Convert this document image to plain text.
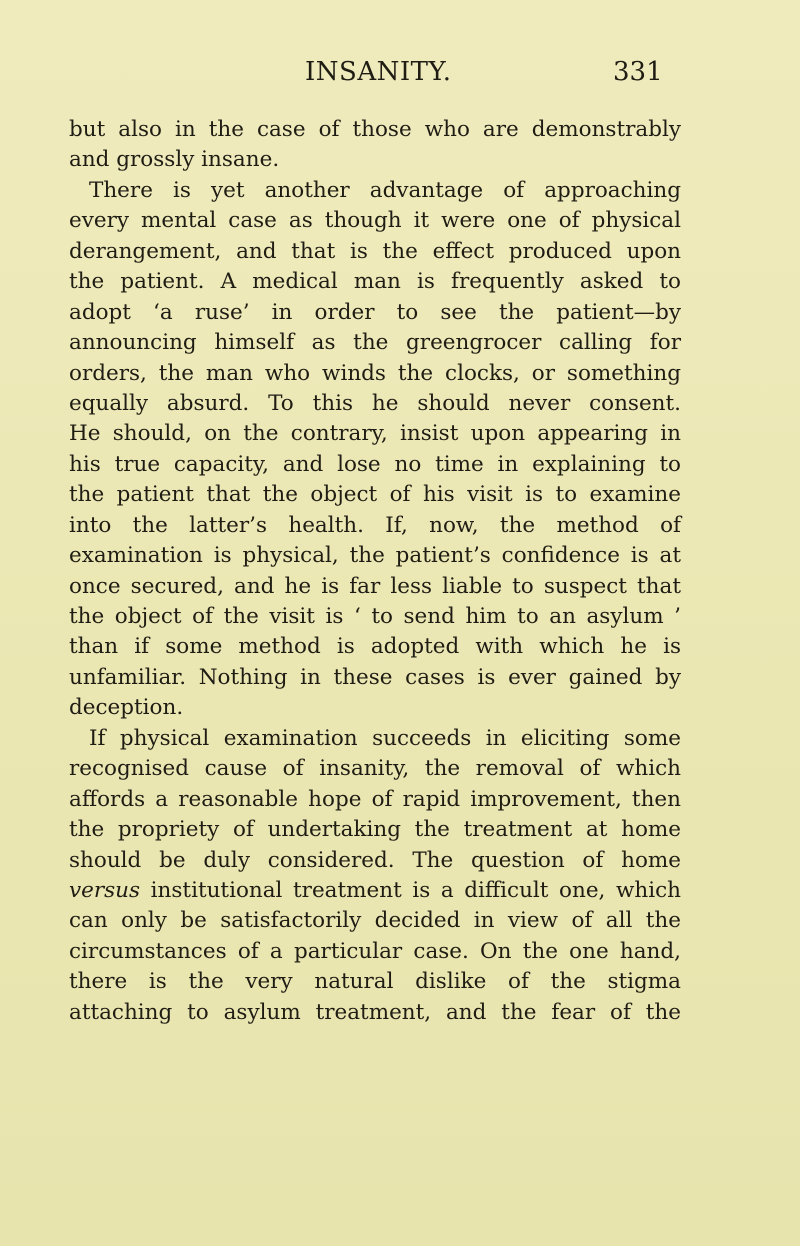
INSANITY.	331
but also in the case of those who are demonstrably
and grossly insane.
There is yet another advantage of approaching
every mental case as though it were one of physical
derangement, and that is the effect produced upon
the patient. A medical man is frequently asked to
adopt ‘a ruse’ in order to see the patient—by
announcing himself as the greengrocer calling for
orders, the man who winds the clocks, or something
equally absurd. To this he should never consent.
He should, on the contrary, insist upon appearing in
his true capacity, and lose no time in explaining to
the patient that the object of his visit is to examine
into the latter’s health. If, now, the method of
examination is physical, the patient’s confidence is at
once secured, and he is far less liable to suspect that
the object of the visit is ‘ to send him to an asylum ’
than if some method is adopted with which he is
unfamiliar. Nothing in these cases is ever gained by
deception.
If physical examination succeeds in eliciting some
recognised cause of insanity, the removal of which
affords a reasonable hope of rapid improvement, then
the propriety of undertaking the treatment at home
should be duly considered. The question of home
versus institutional treatment is a difficult one, which
can only be satisfactorily decided in view of all the
circumstances of a particular case. On the one hand,
there is the very natural dislike of the stigma
attaching to asylum treatment, and the fear of the
